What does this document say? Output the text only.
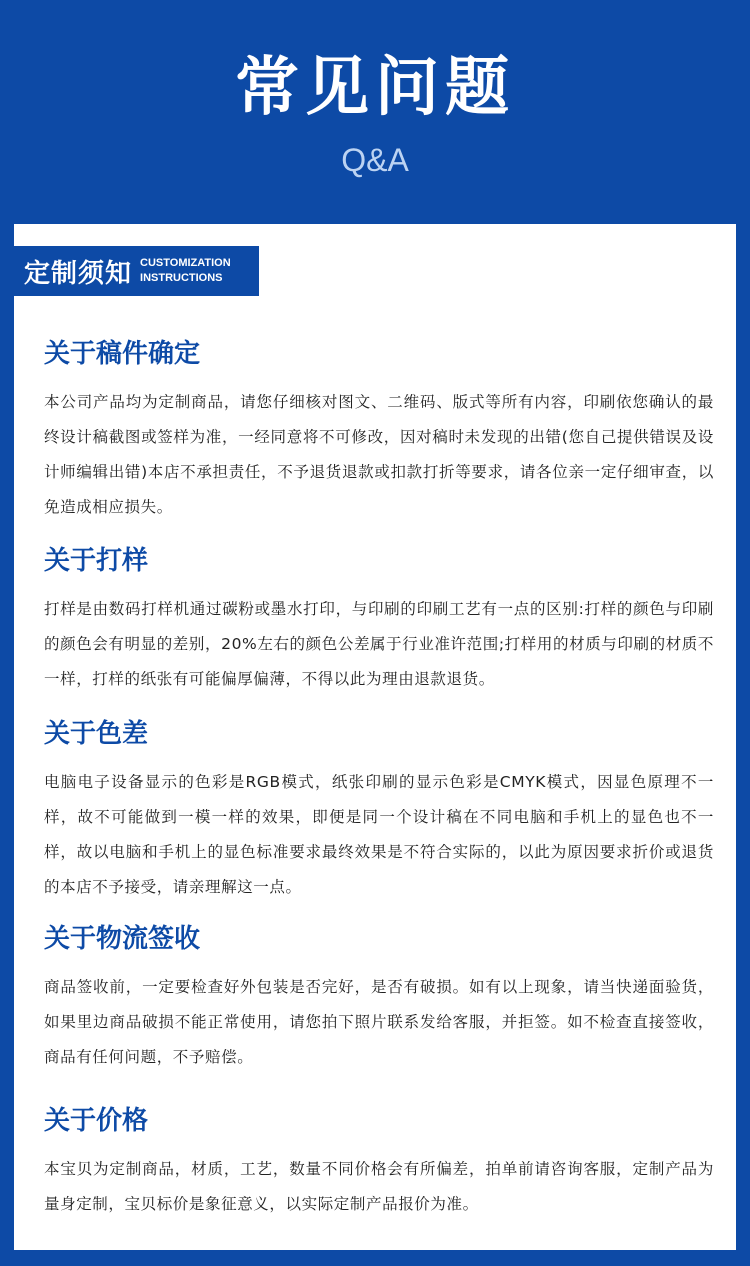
常见问题
Q&A
定制须知 CUSTOMIZATION
INSTRUCTIONS
关于稿件确定
本公司产品均为定制商品，请您仔细核对图文、二维码、版式等所有内容，印刷依您确认的最终设计稿截图或签样为准，一经同意将不可修改，因对稿时未发现的出错(您自己提供错误及设计师编辑出错)本店不承担责任，不予退货退款或扣款打折等要求，请各位亲一定仔细审查，以免造成相应损失。
关于打样
打样是由数码打样机通过碳粉或墨水打印，与印刷的印刷工艺有一点的区别:打样的颜色与印刷的颜色会有明显的差别，20%左右的颜色公差属于行业准许范围;打样用的材质与印刷的材质不一样，打样的纸张有可能偏厚偏薄，不得以此为理由退款退货。
关于色差
电脑电子设备显示的色彩是RGB模式，纸张印刷的显示色彩是CMYK模式，因显色原理不一样，故不可能做到一模一样的效果，即便是同一个设计稿在不同电脑和手机上的显色也不一样，故以电脑和手机上的显色标准要求最终效果是不符合实际的，以此为原因要求折价或退货的本店不予接受，请亲理解这一点。
关于物流签收
商品签收前，一定要检查好外包装是否完好，是否有破损。如有以上现象，请当快递面验货，如果里边商品破损不能正常使用，请您拍下照片联系发给客服，并拒签。如不检查直接签收，商品有任何问题，不予赔偿。
关于价格
本宝贝为定制商品，材质，工艺，数量不同价格会有所偏差，拍单前请咨询客服，定制产品为量身定制，宝贝标价是象征意义，以实际定制产品报价为准。
